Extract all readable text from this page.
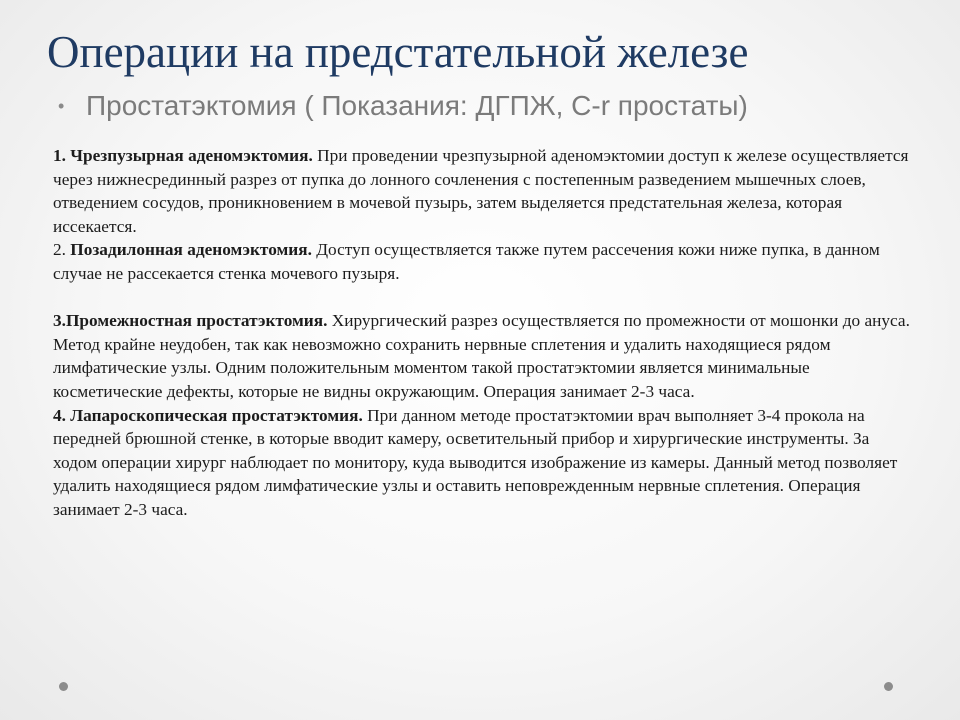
Операции на предстательной железе
• Простатэктомия ( Показания: ДГПЖ, С-r простаты)

1. Чрезпузырная аденомэктомия. При проведении чрезпузырной аденомэктомии доступ к железе осуществляется через нижнесрединный разрез от пупка до лонного сочленения с постепенным разведением мышечных слоев, отведением сосудов, проникновением в мочевой пузырь, затем выделяется предстательная железа, которая иссекается.

2. Позадилонная аденомэктомия. Доступ осуществляется также путем рассечения кожи ниже пупка, в данном случае не рассекается стенка мочевого пузыря.

3.Промежностная простатэктомия. Хирургический разрез осуществляется по промежности от мошонки до ануса. Метод крайне неудобен, так как невозможно сохранить нервные сплетения и удалить находящиеся рядом лимфатические узлы. Одним положительным моментом такой простатэктомии является минимальные косметические дефекты, которые не видны окружающим. Операция занимает 2-3 часа.

4. Лапароскопическая простатэктомия. При данном методе простатэктомии врач выполняет 3-4 прокола на передней брюшной стенке, в которые вводит камеру, осветительный прибор и хирургические инструменты. За ходом операции хирург наблюдает по монитору, куда выводится изображение из камеры. Данный метод позволяет удалить находящиеся рядом лимфатические узлы и оставить неповрежденным нервные сплетения. Операция занимает 2-3 часа.
